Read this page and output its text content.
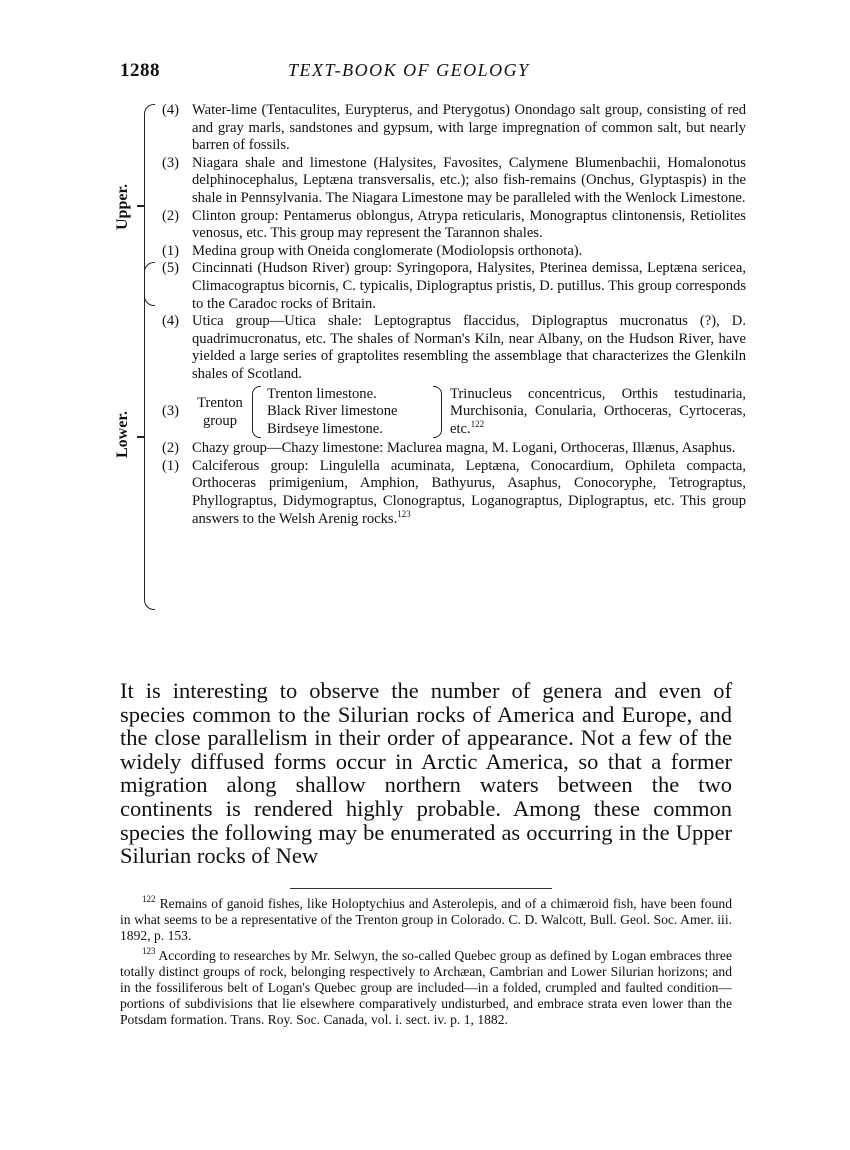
1288	TEXT-BOOK OF GEOLOGY
Upper.

(4) Water-lime (Tentaculites, Eurypterus, and Pterygotus) Onondago salt group, consisting of red and gray marls, sandstones and gypsum, with large impregnation of common salt, but nearly barren of fossils.

(3) Niagara shale and limestone (Halysites, Favosites, Calymene Blumenbachii, Homalonotus delphinocephalus, Leptæna transversalis, etc.); also fish-remains (Onchus, Glyptaspis) in the shale in Pennsylvania. The Niagara Limestone may be paralleled with the Wenlock Limestone.

(2) Clinton group: Pentamerus oblongus, Atrypa reticularis, Monograptus clintonensis, Retiolites venosus, etc. This group may represent the Tarannon shales.

(1) Medina group with Oneida conglomerate (Modiolopsis orthonota).

Lower.

(5) Cincinnati (Hudson River) group: Syringopora, Halysites, Pterinea demissa, Leptæna sericea, Climacograptus bicornis, C. typicalis, Diplograptus pristis, D. putillus. This group corresponds to the Caradoc rocks of Britain.

(4) Utica group—Utica shale: Leptograptus flaccidus, Diplograptus mucronatus (?), D. quadrimucronatus, etc. The shales of Norman's Kiln, near Albany, on the Hudson River, have yielded a large series of graptolites resembling the assemblage that characterizes the Glenkiln shales of Scotland.

(3)
Trenton
group
Trenton limestone.
Black River limestone
Birdseye limestone.
Trinucleus concentricus, Orthis testudinaria, Murchisonia, Conularia, Orthoceras, Cyrtoceras, etc.$^{122}$

(2) Chazy group—Chazy limestone: Maclurea magna, M. Logani, Orthoceras, Illænus, Asaphus.

(1) Calciferous group: Lingulella acuminata, Leptæna, Conocardium, Ophileta compacta, Orthoceras primigenium, Amphion, Bathyurus, Asaphus, Conocoryphe, Tetrograptus, Phyllograptus, Didymograptus, Clonograptus, Loganograptus, Diplograptus, etc. This group answers to the Welsh Arenig rocks.$^{123}$

It is interesting to observe the number of genera and even of species common to the Silurian rocks of America and Europe, and the close parallelism in their order of appearance. Not a few of the widely diffused forms occur in Arctic America, so that a former migration along shallow northern waters between the two continents is rendered highly probable. Among these common species the following may be enumerated as occurring in the Upper Silurian rocks of New

$^{122}$ Remains of ganoid fishes, like Holoptychius and Asterolepis, and of a chimæroid fish, have been found in what seems to be a representative of the Trenton group in Colorado. C. D. Walcott, Bull. Geol. Soc. Amer. iii. 1892, p. 153.

$^{123}$ According to researches by Mr. Selwyn, the so-called Quebec group as defined by Logan embraces three totally distinct groups of rock, belonging respectively to Archæan, Cambrian and Lower Silurian horizons; and in the fossiliferous belt of Logan's Quebec group are included—in a folded, crumpled and faulted condition—portions of subdivisions that lie elsewhere comparatively undisturbed, and embrace strata even lower than the Potsdam formation. Trans. Roy. Soc. Canada, vol. i. sect. iv. p. 1, 1882.
